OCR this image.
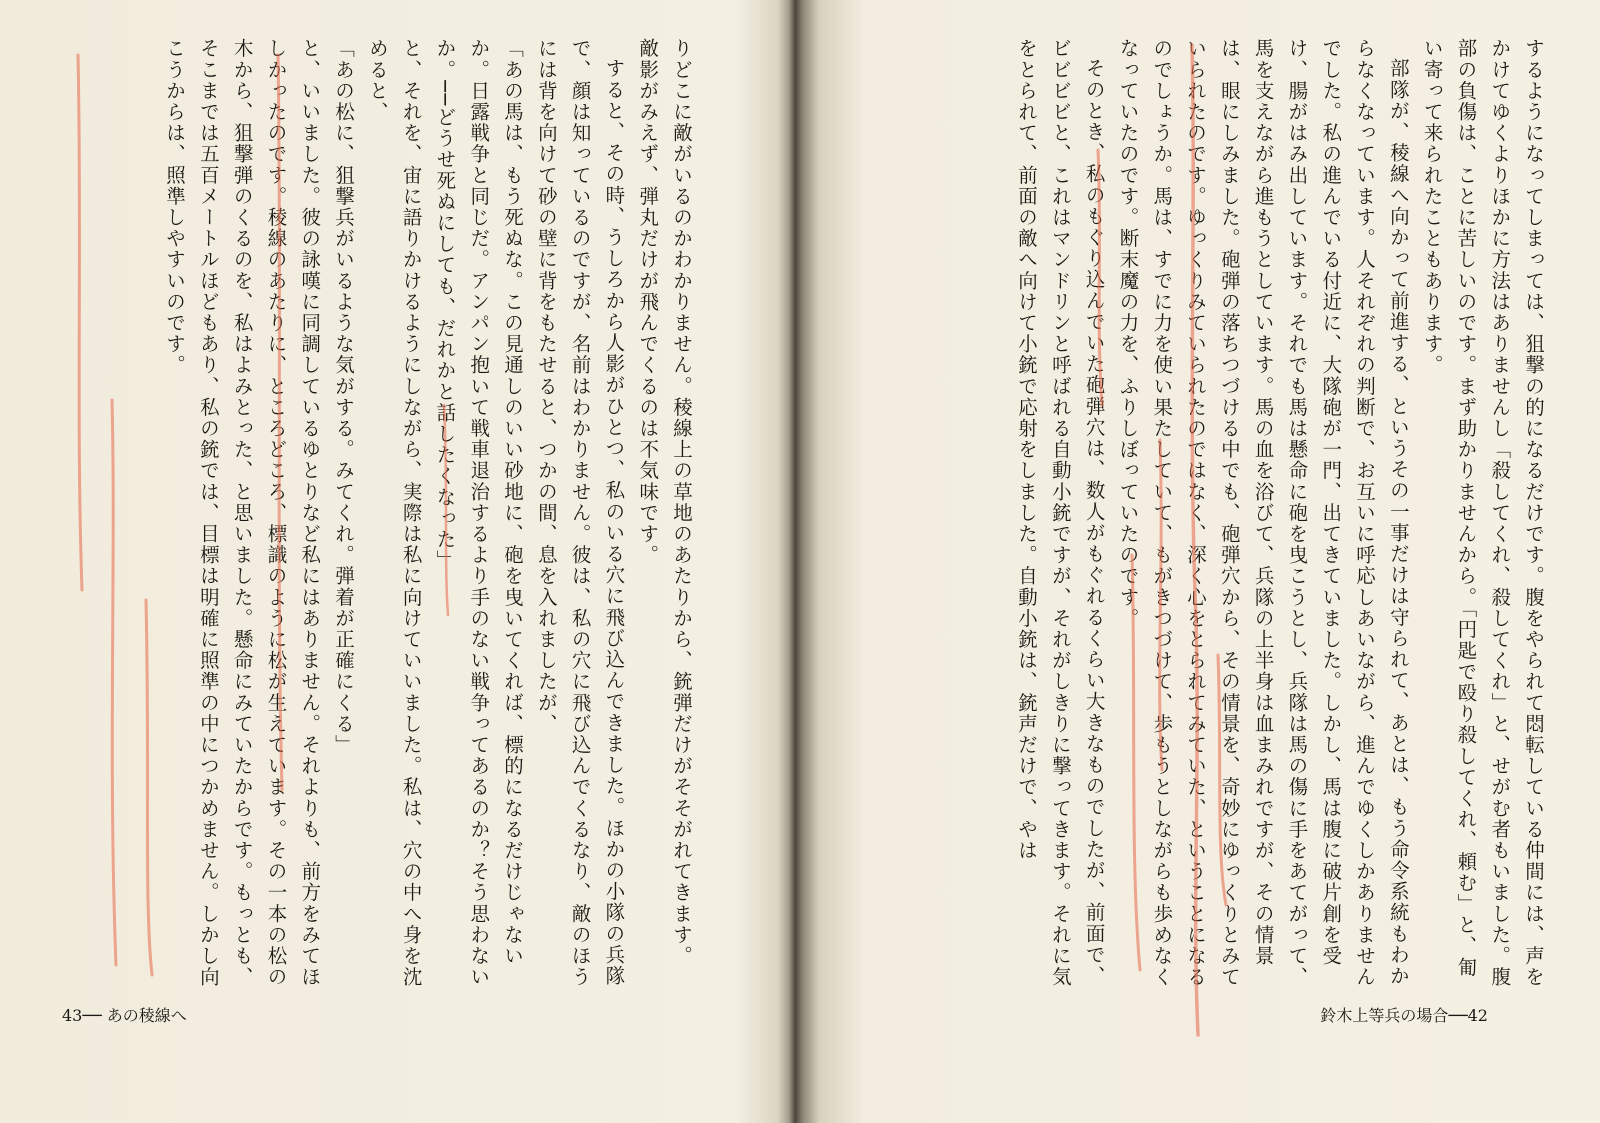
りどこに敵がいるのかわかりません。稜線上の草地のあたりから、銃弾だけがそそがれてきます。

敵影がみえず、弾丸だけが飛んでくるのは不気味です。

すると、その時、うしろから人影がひとつ、私のいる穴に飛び込んできました。ほかの小隊の兵隊で、顔は知っているのですが、名前はわかりません。彼は、私の穴に飛び込んでくるなり、敵のほうには背を向けて砂の壁に背をもたせると、つかの間、息を入れましたが、

「あの馬は、もう死ぬな。この見通しのいい砂地に、砲を曳いてくれば、標的になるだけじゃないか。日露戦争と同じだ。アンパン抱いて戦車退治するより手のない戦争ってあるのか？そう思わないか。──どうせ死ぬにしても、だれかと話したくなった」

と、それを、宙に語りかけるようにしながら、実際は私に向けていいました。私は、穴の中へ身を沈めると、

「あの松に、狙撃兵がいるような気がする。みてくれ。弾着が正確にくる」

と、いいました。彼の詠嘆に同調しているゆとりなど私にはありません。それよりも、前方をみてほしかったのです。稜線のあたりに、ところどころ、標識のように松が生えています。その一本の松の木から、狙撃弾のくるのを、私はよみとった、と思いました。懸命にみていたからです。もっとも、そこまでは五百メートルほどもあり、私の銃では、目標は明確に照準の中につかめません。しかし向こうからは、照準しやすいのです。

43── あの稜線へ

するようになってしまっては、狙撃の的になるだけです。腹をやられて悶転している仲間には、声をかけてゆくよりほかに方法はありませんし「殺してくれ、殺してくれ」と、せがむ者もいました。腹部の負傷は、ことに苦しいのです。まず助かりませんから。「円匙で殴り殺してくれ、頼む」と、匍い寄って来られたこともあります。

部隊が、稜線へ向かって前進する、というその一事だけは守られて、あとは、もう命令系統もわからなくなっています。人それぞれの判断で、お互いに呼応しあいながら、進んでゆくしかありませんでした。私の進んでいる付近に、大隊砲が一門、出てきていました。しかし、馬は腹に破片創を受け、腸がはみ出しています。それでも馬は懸命に砲を曳こうとし、兵隊は馬の傷に手をあてがって、馬を支えながら進もうとしています。馬の血を浴びて、兵隊の上半身は血まみれですが、その情景は、眼にしみました。砲弾の落ちつづける中でも、砲弾穴から、その情景を、奇妙にゆっくりとみていられたのです。ゆっくりみていられたのではなく、深く心をとられてみていた、ということになるのでしょうか。馬は、すでに力を使い果たしていて、もがきつづけて、歩もうとしながらも歩めなくなっていたのです。断末魔の力を、ふりしぼっていたのです。

そのとき、私のもぐり込んでいた砲弾穴は、数人がもぐれるくらい大きなものでしたが、前面で、ビビビビと、これはマンドリンと呼ばれる自動小銃ですが、それがしきりに撃ってきます。それに気をとられて、前面の敵へ向けて小銃で応射をしました。自動小銃は、銃声だけで、やは

鈴木上等兵の場合──42
